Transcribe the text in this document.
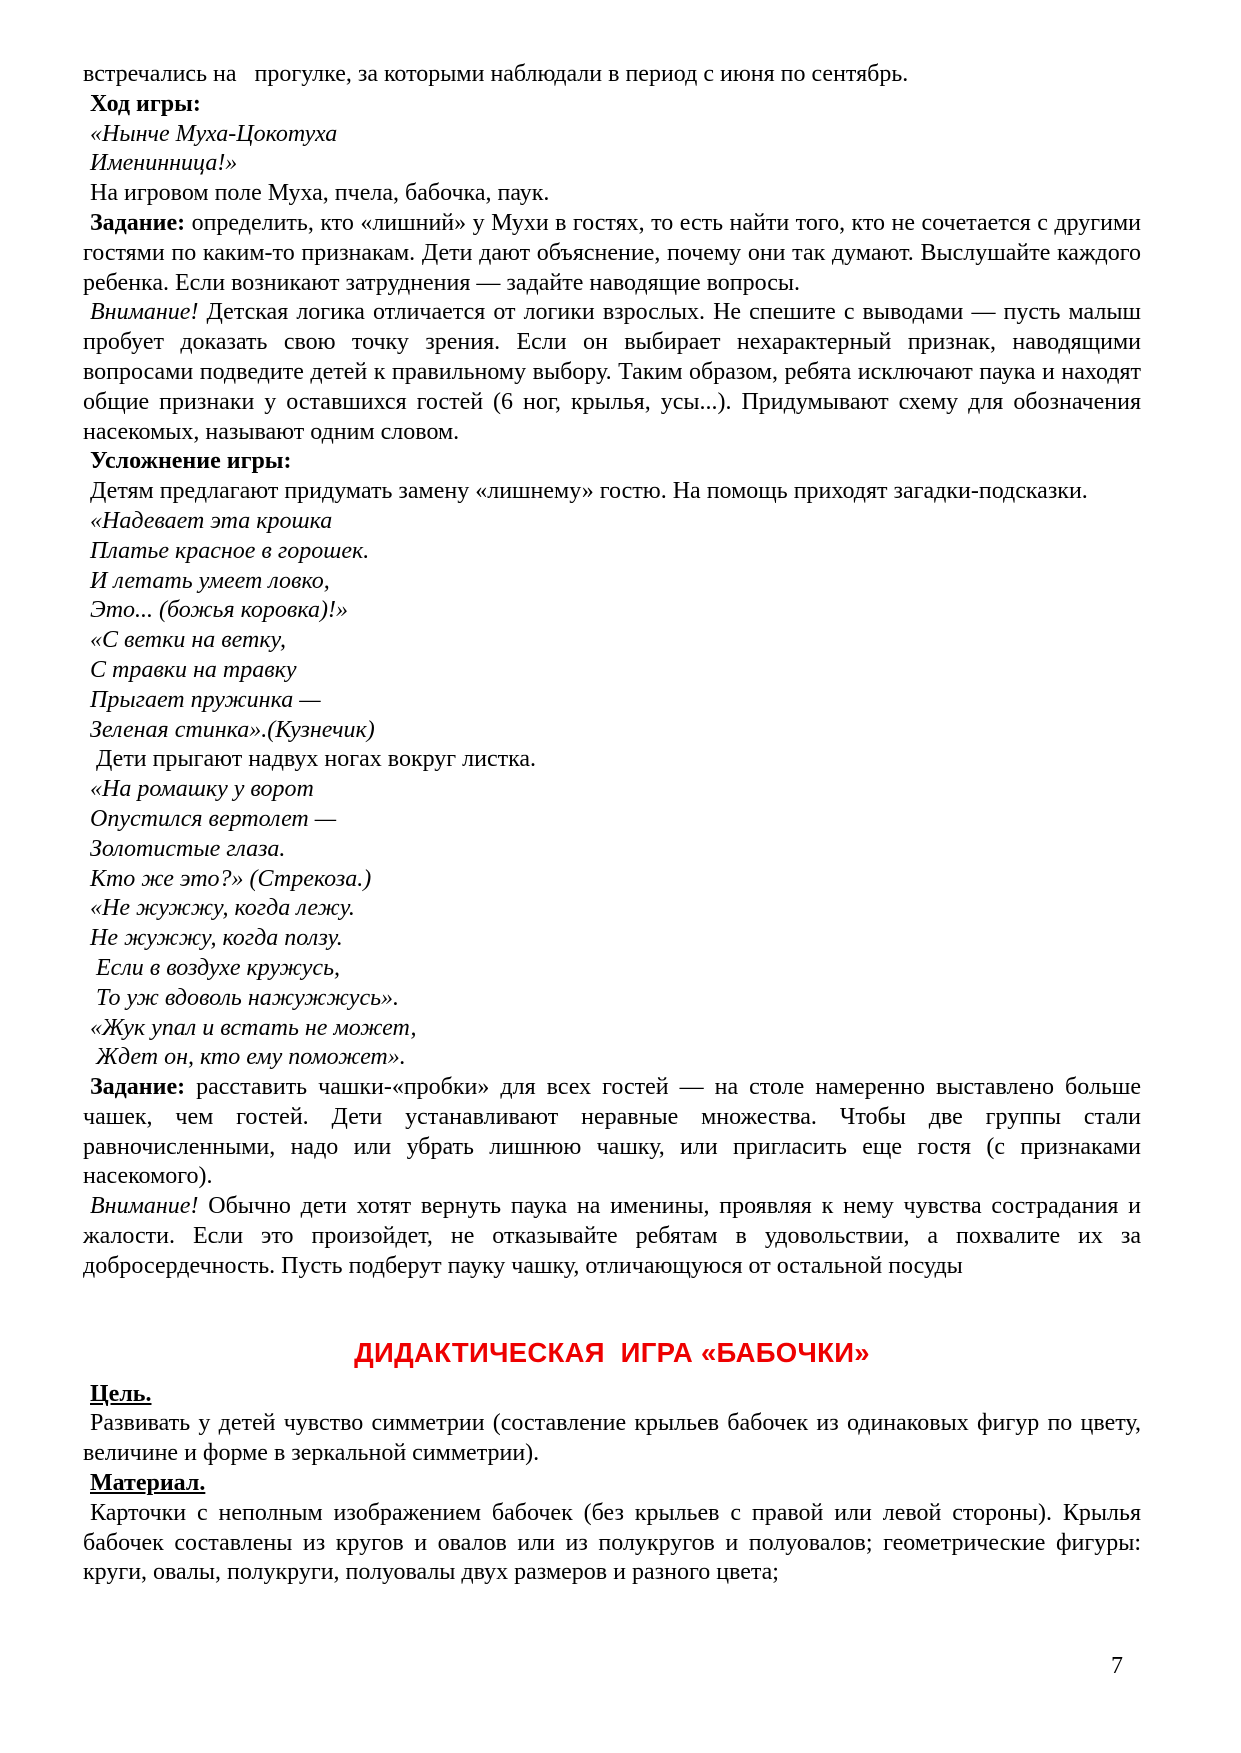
встречались на   прогулке, за которыми наблюдали в период с июня по сентябрь.

Ход игры:

«Нынче Муха-Цокотуха

Именинница!»

На игровом поле Муха, пчела, бабочка, паук.

Задание: определить, кто «лишний» у Мухи в гостях, то есть найти того, кто не сочетается с другими гостями по каким-то признакам. Дети дают объяснение, почему они так думают. Выслушайте каждого ребенка. Если возникают затруднения — задайте наводящие вопросы.

Внимание! Детская логика отличается от логики взрослых. Не спешите с выводами — пусть малыш пробует доказать свою точку зрения. Если он выбирает нехарактерный признак, наводящими вопросами подведите детей к правильному выбору. Таким образом, ребята исключают паука и находят общие признаки у оставшихся гостей (6 ног, крылья, усы...). Придумывают схему для обозначения насекомых, называют одним словом.

Усложнение игры:

Детям предлагают придумать замену «лишнему» гостю. На помощь приходят загадки-подсказки.

«Надевает эта крошка

Платье красное в горошек.

И летать умеет ловко,

Это... (божья коровка)!»

«С ветки на ветку,

С травки на травку

Прыгает пружинка —

Зеленая стинка».(Кузнечик)

Дети прыгают надвух ногах вокруг листка.

«На ромашку у ворот

Опустился вертолет —

Золотистые глаза.

Кто же это?» (Стрекоза.)

«Не жужжу, когда лежу.

Не жужжу, когда ползу.

Если в воздухе кружусь,

То уж вдоволь нажужжусь».

«Жук упал и встать не может,

Ждет он, кто ему поможет».

Задание: расставить чашки-«пробки» для всех гостей — на столе намеренно выставлено больше чашек, чем гостей. Дети устанавливают неравные множества. Чтобы две группы стали равночисленными, надо или убрать лишнюю чашку, или пригласить еще гостя (с признаками насекомого).

Внимание! Обычно дети хотят вернуть паука на именины, проявляя к нему чувства сострадания и жалости. Если это произойдет, не отказывайте ребятам в удовольствии, а похвалите их за добросердечность. Пусть подберут пауку чашку, отличающуюся от остальной посуды

ДИДАКТИЧЕСКАЯ  ИГРА «БАБОЧКИ»

Цель.

Развивать у детей чувство симметрии (составление крыльев бабочек из одинаковых фигур по цвету, величине и форме в зеркальной симметрии).

Материал.

Карточки с неполным изображением бабочек (без крыльев с правой или левой стороны). Крылья бабочек составлены из кругов и овалов или из полукругов и полуовалов; геометрические фигуры: круги, овалы, полукруги, полуовалы двух размеров и разного цвета;

7
